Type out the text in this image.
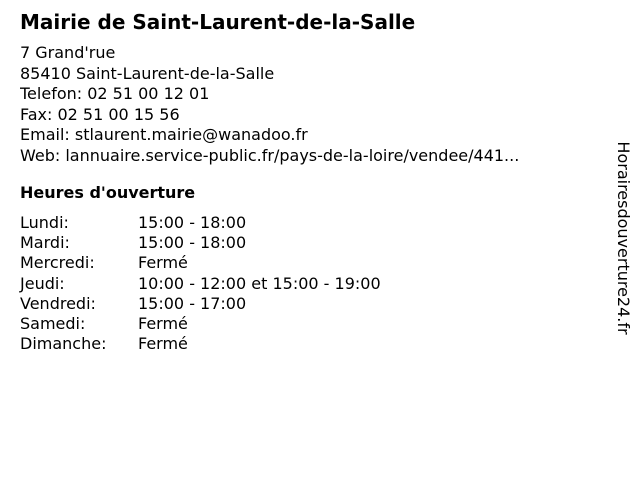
Mairie de Saint-Laurent-de-la-Salle
7 Grand'rue
85410 Saint-Laurent-de-la-Salle
Telefon: 02 51 00 12 01
Fax: 02 51 00 15 56
Email: stlaurent.mairie@wanadoo.fr
Web: lannuaire.service-public.fr/pays-de-la-loire/vendee/441...
Heures d'ouverture
Lundi:	15:00 - 18:00
Mardi:	15:00 - 18:00
Mercredi:	Fermé
Jeudi:	10:00 - 12:00 et 15:00 - 19:00
Vendredi:	15:00 - 17:00
Samedi:	Fermé
Dimanche: Fermé
Horairesdouverture24.fr
